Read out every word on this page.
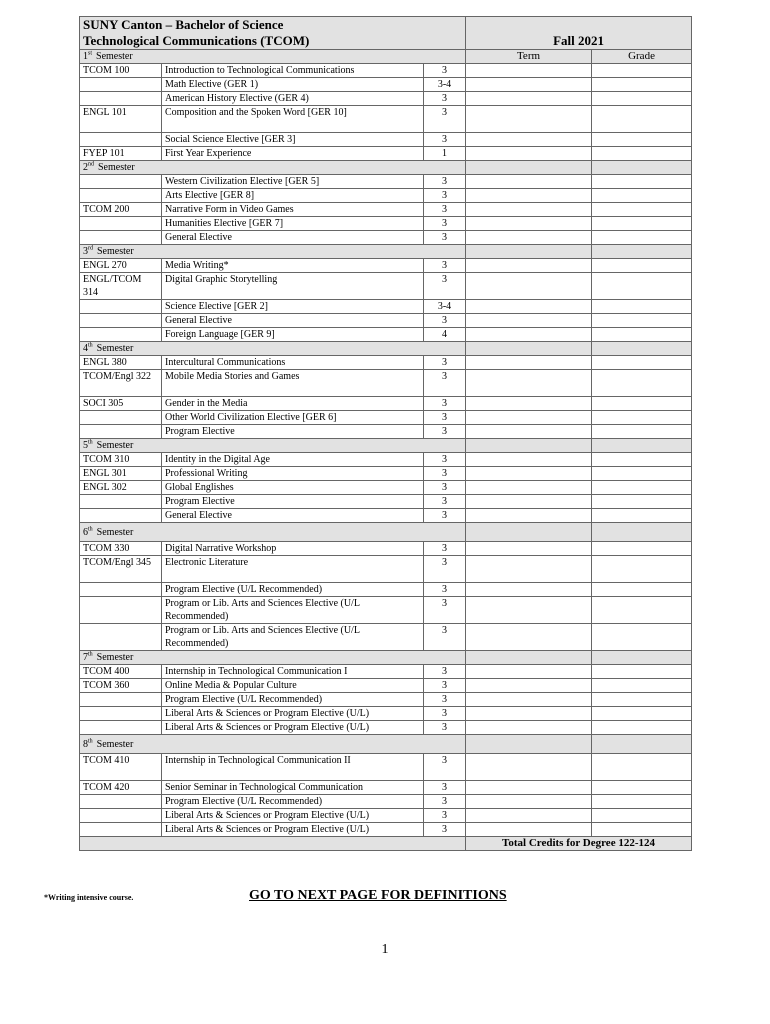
SUNY Canton – Bachelor of Science
Technological Communications (TCOM)			Fall 2021	
1st Semester			Term	Grade
TCOM 100	Introduction to Technological Communications	3		
	Math Elective (GER 1)	3-4		
	American History Elective (GER 4)	3		
ENGL 101	Composition and the Spoken Word [GER 10]	3		
	Social Science Elective [GER 3]	3		
FYEP 101	First Year Experience	1		
2nd Semester				
	Western Civilization Elective [GER 5]	3		
	Arts Elective [GER 8]	3		
TCOM 200	Narrative Form in Video Games	3		
	Humanities Elective [GER 7]	3		
	General Elective	3		
3rd Semester				
ENGL 270	Media Writing*	3		
ENGL/TCOM 314	Digital Graphic Storytelling	3		
	Science Elective [GER 2]	3-4		
	General Elective	3		
	Foreign Language [GER 9]	4		
4th Semester				
ENGL 380	Intercultural Communications	3		
TCOM/Engl 322	Mobile Media Stories and Games	3		
SOCI 305	Gender in the Media	3		
	Other World Civilization Elective [GER 6]	3		
	Program Elective	3		
5th Semester				
TCOM 310	Identity in the Digital Age	3		
ENGL 301	Professional Writing	3		
ENGL 302	Global Englishes	3		
	Program Elective	3		
	General Elective	3		
6th Semester				
TCOM 330	Digital Narrative Workshop	3		
TCOM/Engl 345	Electronic Literature	3		
	Program Elective (U/L Recommended)	3		
	Program or Lib. Arts and Sciences Elective (U/L Recommended)	3		
	Program or Lib. Arts and Sciences Elective (U/L Recommended)	3		
7th Semester				
TCOM 400	Internship in Technological Communication I	3		
TCOM 360	Online Media & Popular Culture	3		
	Program Elective (U/L Recommended)	3		
	Liberal Arts & Sciences or Program Elective (U/L)	3		
	Liberal Arts & Sciences or Program Elective (U/L)	3		
8th Semester				
TCOM 410	Internship in Technological Communication II	3		
TCOM 420	Senior Seminar in Technological Communication	3		
	Program Elective (U/L Recommended)	3		
	Liberal Arts & Sciences or Program Elective (U/L)	3		
	Liberal Arts & Sciences or Program Elective (U/L)	3		
			Total Credits for Degree 122-124	
*Writing intensive course.	GO TO NEXT PAGE FOR DEFINITIONS
1
